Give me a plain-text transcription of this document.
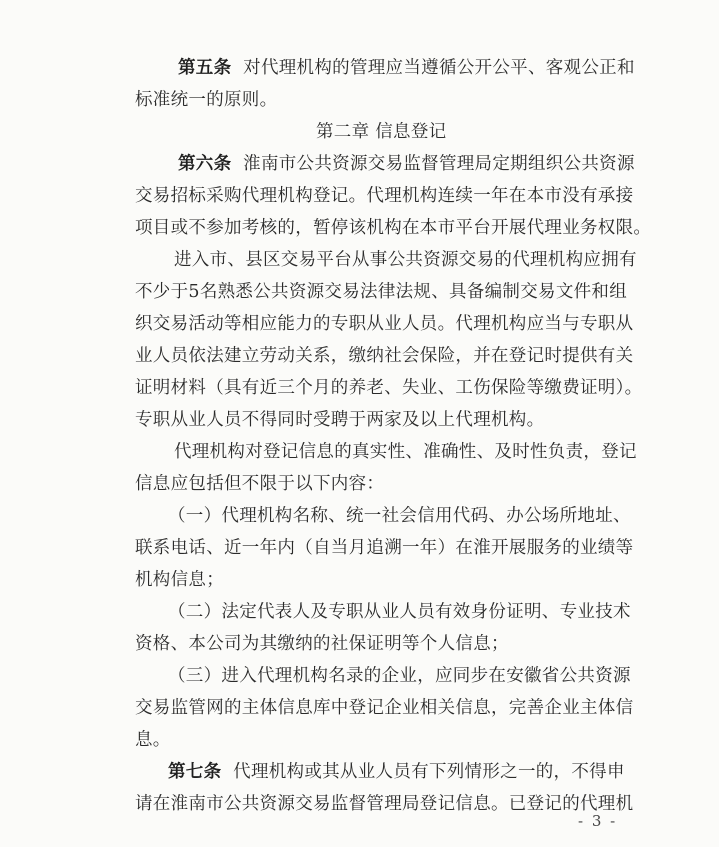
第五条 对代理机构的管理应当遵循公开公平、客观公正和
标准统一的原则。
第二章 信息登记
第六条 淮南市公共资源交易监督管理局定期组织公共资源
交易招标采购代理机构登记。代理机构连续一年在本市没有承接
项目或不参加考核的，暂停该机构在本市平台开展代理业务权限。
进入市、县区交易平台从事公共资源交易的代理机构应拥有
不少于5名熟悉公共资源交易法律法规、具备编制交易文件和组
织交易活动等相应能力的专职从业人员。代理机构应当与专职从
业人员依法建立劳动关系，缴纳社会保险，并在登记时提供有关
证明材料（具有近三个月的养老、失业、工伤保险等缴费证明）。
专职从业人员不得同时受聘于两家及以上代理机构。
代理机构对登记信息的真实性、准确性、及时性负责，登记
信息应包括但不限于以下内容：
（一）代理机构名称、统一社会信用代码、办公场所地址、
联系电话、近一年内（自当月追溯一年）在淮开展服务的业绩等
机构信息；
（二）法定代表人及专职从业人员有效身份证明、专业技术
资格、本公司为其缴纳的社保证明等个人信息；
（三）进入代理机构名录的企业，应同步在安徽省公共资源
交易监管网的主体信息库中登记企业相关信息，完善企业主体信
息。
第七条 代理机构或其从业人员有下列情形之一的，不得申
请在淮南市公共资源交易监督管理局登记信息。已登记的代理机
- 3 -
